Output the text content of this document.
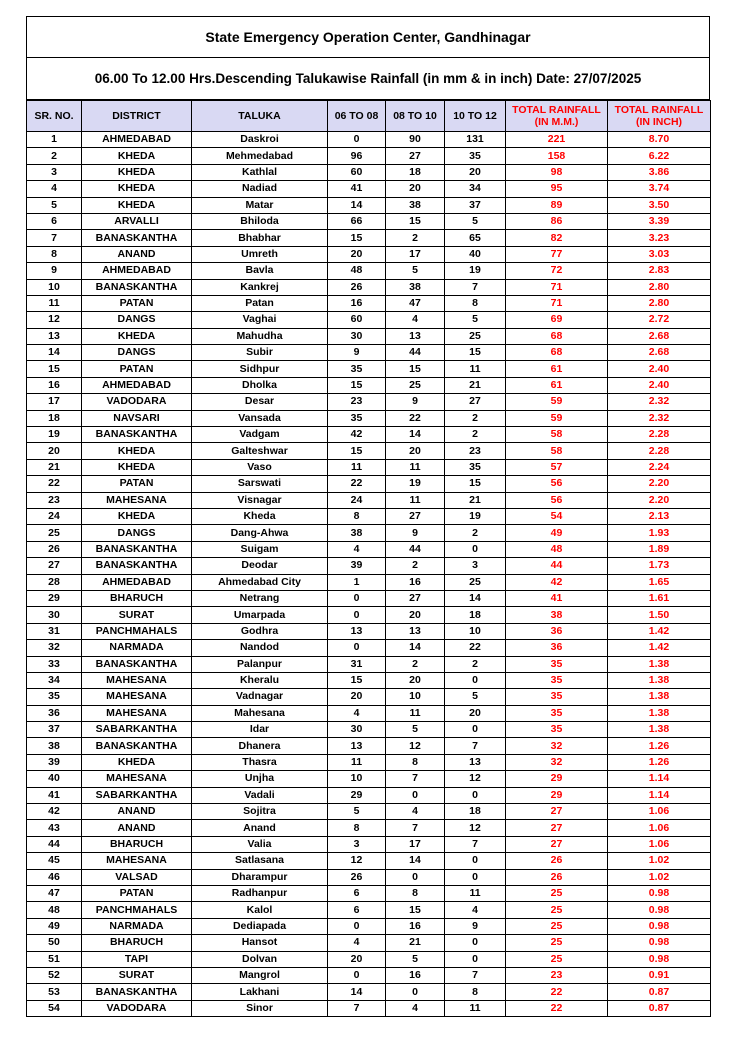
State Emergency Operation Center, Gandhinagar
06.00 To 12.00 Hrs.Descending Talukawise Rainfall (in mm & in inch) Date: 27/07/2025
SR. NO.	DISTRICT	TALUKA	06 TO 08	08 TO 10	10 TO 12	TOTAL RAINFALL (IN M.M.)	TOTAL RAINFALL (IN INCH)
1	AHMEDABAD	Daskroi	0	90	131	221	8.70
2	KHEDA	Mehmedabad	96	27	35	158	6.22
3	KHEDA	Kathlal	60	18	20	98	3.86
4	KHEDA	Nadiad	41	20	34	95	3.74
5	KHEDA	Matar	14	38	37	89	3.50
6	ARVALLI	Bhiloda	66	15	5	86	3.39
7	BANASKANTHA	Bhabhar	15	2	65	82	3.23
8	ANAND	Umreth	20	17	40	77	3.03
9	AHMEDABAD	Bavla	48	5	19	72	2.83
10	BANASKANTHA	Kankrej	26	38	7	71	2.80
11	PATAN	Patan	16	47	8	71	2.80
12	DANGS	Vaghai	60	4	5	69	2.72
13	KHEDA	Mahudha	30	13	25	68	2.68
14	DANGS	Subir	9	44	15	68	2.68
15	PATAN	Sidhpur	35	15	11	61	2.40
16	AHMEDABAD	Dholka	15	25	21	61	2.40
17	VADODARA	Desar	23	9	27	59	2.32
18	NAVSARI	Vansada	35	22	2	59	2.32
19	BANASKANTHA	Vadgam	42	14	2	58	2.28
20	KHEDA	Galteshwar	15	20	23	58	2.28
21	KHEDA	Vaso	11	11	35	57	2.24
22	PATAN	Sarswati	22	19	15	56	2.20
23	MAHESANA	Visnagar	24	11	21	56	2.20
24	KHEDA	Kheda	8	27	19	54	2.13
25	DANGS	Dang-Ahwa	38	9	2	49	1.93
26	BANASKANTHA	Suigam	4	44	0	48	1.89
27	BANASKANTHA	Deodar	39	2	3	44	1.73
28	AHMEDABAD	Ahmedabad City	1	16	25	42	1.65
29	BHARUCH	Netrang	0	27	14	41	1.61
30	SURAT	Umarpada	0	20	18	38	1.50
31	PANCHMAHALS	Godhra	13	13	10	36	1.42
32	NARMADA	Nandod	0	14	22	36	1.42
33	BANASKANTHA	Palanpur	31	2	2	35	1.38
34	MAHESANA	Kheralu	15	20	0	35	1.38
35	MAHESANA	Vadnagar	20	10	5	35	1.38
36	MAHESANA	Mahesana	4	11	20	35	1.38
37	SABARKANTHA	Idar	30	5	0	35	1.38
38	BANASKANTHA	Dhanera	13	12	7	32	1.26
39	KHEDA	Thasra	11	8	13	32	1.26
40	MAHESANA	Unjha	10	7	12	29	1.14
41	SABARKANTHA	Vadali	29	0	0	29	1.14
42	ANAND	Sojitra	5	4	18	27	1.06
43	ANAND	Anand	8	7	12	27	1.06
44	BHARUCH	Valia	3	17	7	27	1.06
45	MAHESANA	Satlasana	12	14	0	26	1.02
46	VALSAD	Dharampur	26	0	0	26	1.02
47	PATAN	Radhanpur	6	8	11	25	0.98
48	PANCHMAHALS	Kalol	6	15	4	25	0.98
49	NARMADA	Dediapada	0	16	9	25	0.98
50	BHARUCH	Hansot	4	21	0	25	0.98
51	TAPI	Dolvan	20	5	0	25	0.98
52	SURAT	Mangrol	0	16	7	23	0.91
53	BANASKANTHA	Lakhani	14	0	8	22	0.87
54	VADODARA	Sinor	7	4	11	22	0.87
